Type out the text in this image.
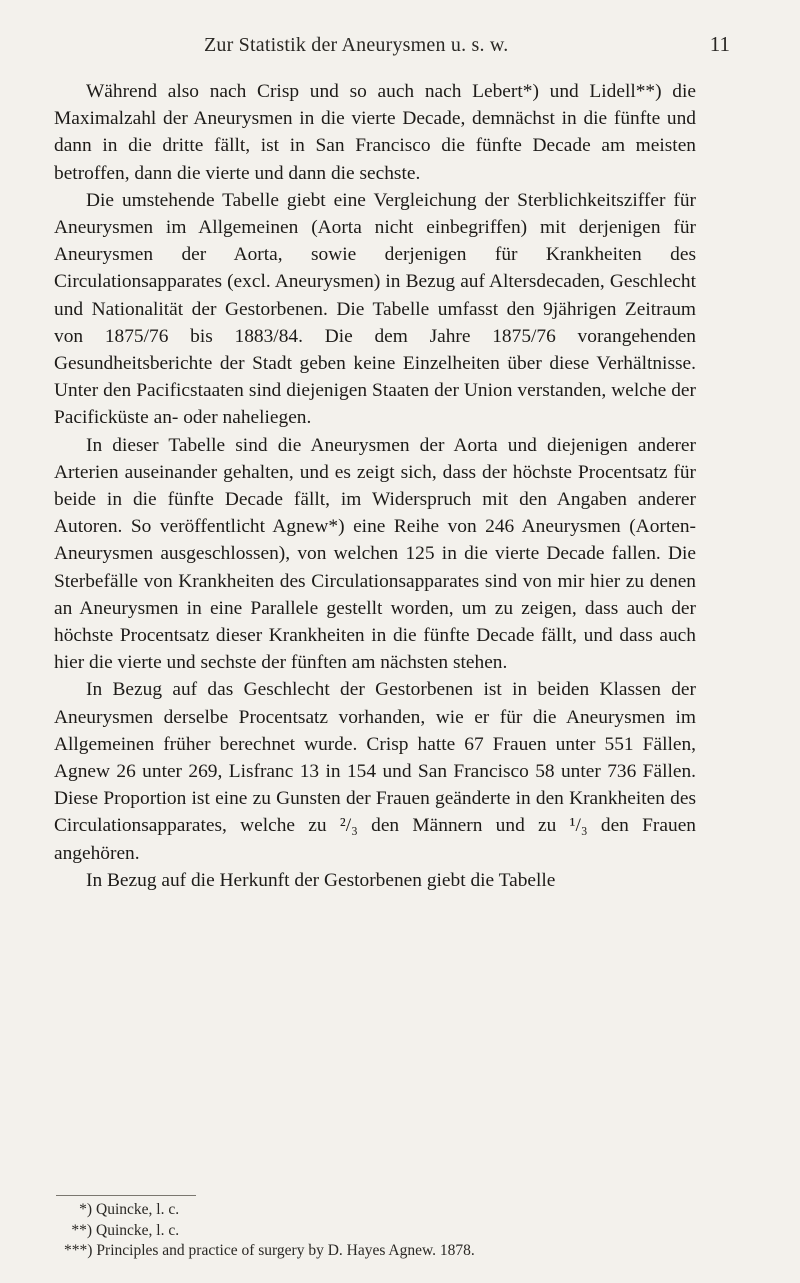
Zur Statistik der Aneurysmen u. s. w.	11

Während also nach Crisp und so auch nach Lebert*) und Lidell**) die Maximalzahl der Aneurysmen in die vierte Decade, demnächst in die fünfte und dann in die dritte fällt, ist in San Francisco die fünfte Decade am meisten betroffen, dann die vierte und dann die sechste.

Die umstehende Tabelle giebt eine Vergleichung der Sterblichkeitsziffer für Aneurysmen im Allgemeinen (Aorta nicht einbegriffen) mit derjenigen für Aneurysmen der Aorta, sowie derjenigen für Krankheiten des Circulationsapparates (excl. Aneurysmen) in Bezug auf Altersdecaden, Geschlecht und Nationalität der Gestorbenen. Die Tabelle umfasst den 9jährigen Zeitraum von 1875/76 bis 1883/84. Die dem Jahre 1875/76 vorangehenden Gesundheitsberichte der Stadt geben keine Einzelheiten über diese Verhältnisse. Unter den Pacificstaaten sind diejenigen Staaten der Union verstanden, welche der Pacificküste an- oder naheliegen.

In dieser Tabelle sind die Aneurysmen der Aorta und diejenigen anderer Arterien auseinander gehalten, und es zeigt sich, dass der höchste Procentsatz für beide in die fünfte Decade fällt, im Widerspruch mit den Angaben anderer Autoren. So veröffentlicht Agnew*) eine Reihe von 246 Aneurysmen (Aorten-Aneurysmen ausgeschlossen), von welchen 125 in die vierte Decade fallen. Die Sterbefälle von Krankheiten des Circulationsapparates sind von mir hier zu denen an Aneurysmen in eine Parallele gestellt worden, um zu zeigen, dass auch der höchste Procentsatz dieser Krankheiten in die fünfte Decade fällt, und dass auch hier die vierte und sechste der fünften am nächsten stehen.

In Bezug auf das Geschlecht der Gestorbenen ist in beiden Klassen der Aneurysmen derselbe Procentsatz vorhanden, wie er für die Aneurysmen im Allgemeinen früher berechnet wurde. Crisp hatte 67 Frauen unter 551 Fällen, Agnew 26 unter 269, Lisfranc 13 in 154 und San Francisco 58 unter 736 Fällen. Diese Proportion ist eine zu Gunsten der Frauen geänderte in den Krankheiten des Circulationsapparates, welche zu ²/₃ den Männern und zu ¹/₃ den Frauen angehören.

In Bezug auf die Herkunft der Gestorbenen giebt die Tabelle

*) Quincke, l. c.
**) Quincke, l. c.
***) Principles and practice of surgery by D. Hayes Agnew. 1878.
